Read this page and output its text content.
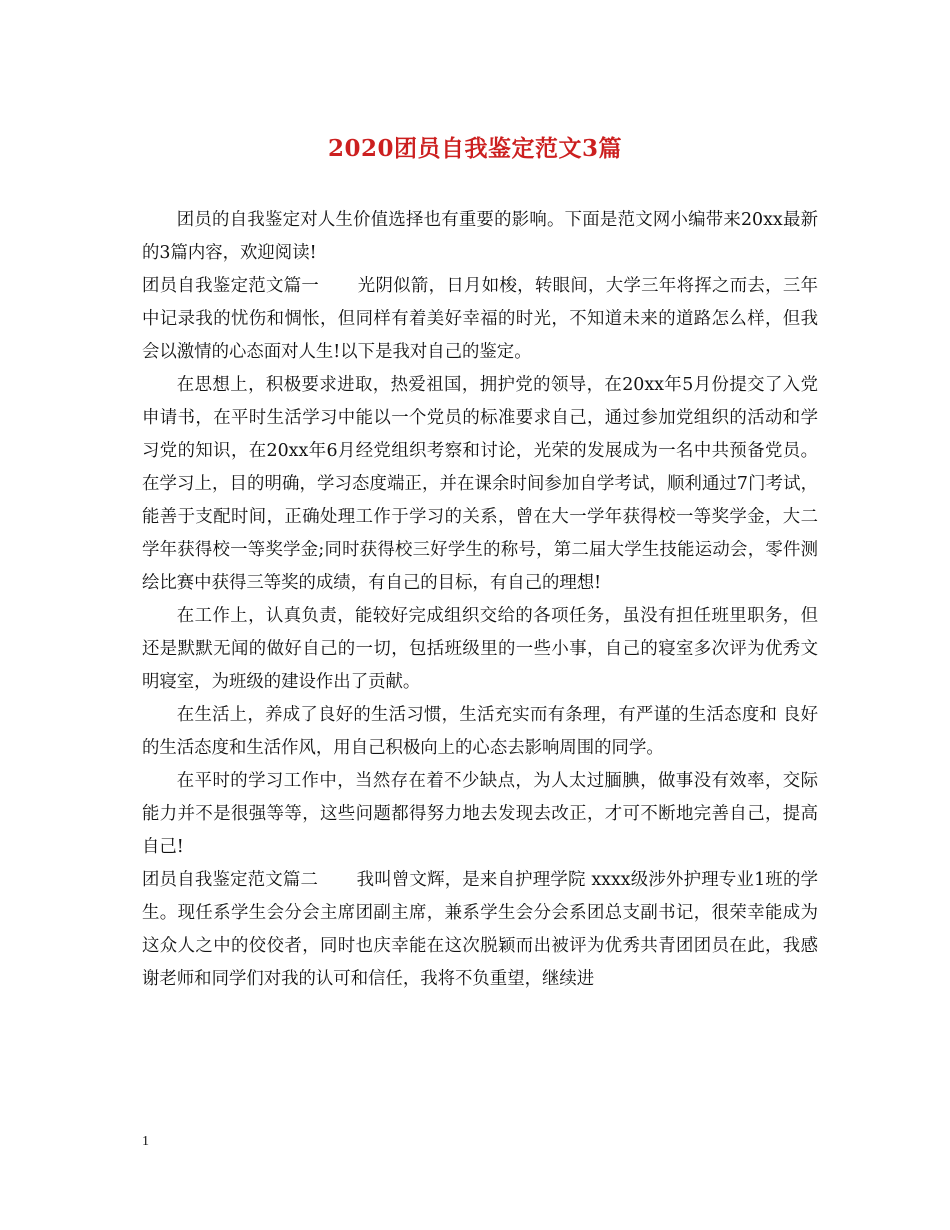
2020团员自我鉴定范文3篇

团员的自我鉴定对人生价值选择也有重要的影响。下面是范文网小编带来20xx最新的3篇内容，欢迎阅读!

团员自我鉴定范文篇一 光阴似箭，日月如梭，转眼间，大学三年将挥之而去，三年中记录我的忧伤和惆怅，但同样有着美好幸福的时光，不知道未来的道路怎么样，但我会以激情的心态面对人生!以下是我对自己的鉴定。

在思想上，积极要求进取，热爱祖国，拥护党的领导，在20xx年5月份提交了入党申请书，在平时生活学习中能以一个党员的标准要求自己，通过参加党组织的活动和学习党的知识，在20xx年6月经党组织考察和讨论，光荣的发展成为一名中共预备党员。 在学习上，目的明确，学习态度端正，并在课余时间参加自学考试，顺利通过7门考试，能善于支配时间，正确处理工作于学习的关系，曾在大一学年获得校一等奖学金，大二学年获得校一等奖学金;同时获得校三好学生的称号，第二届大学生技能运动会，零件测绘比赛中获得三等奖的成绩，有自己的目标，有自己的理想!

在工作上，认真负责，能较好完成组织交给的各项任务，虽没有担任班里职务，但还是默默无闻的做好自己的一切，包括班级里的一些小事，自己的寝室多次评为优秀文明寝室，为班级的建设作出了贡献。

在生活上，养成了良好的生活习惯，生活充实而有条理，有严谨的生活态度和 良好的生活态度和生活作风，用自己积极向上的心态去影响周围的同学。

在平时的学习工作中，当然存在着不少缺点，为人太过腼腆，做事没有效率，交际能力并不是很强等等，这些问题都得努力地去发现去改正，才可不断地完善自己，提高自己!

团员自我鉴定范文篇二 我叫曾文辉，是来自护理学院 xxxx级涉外护理专业1班的学生。现任系学生会分会主席团副主席，兼系学生会分会系团总支副书记，很荣幸能成为这众人之中的佼佼者，同时也庆幸能在这次脱颖而出被评为优秀共青团团员在此，我感谢老师和同学们对我的认可和信任，我将不负重望，继续进

1
